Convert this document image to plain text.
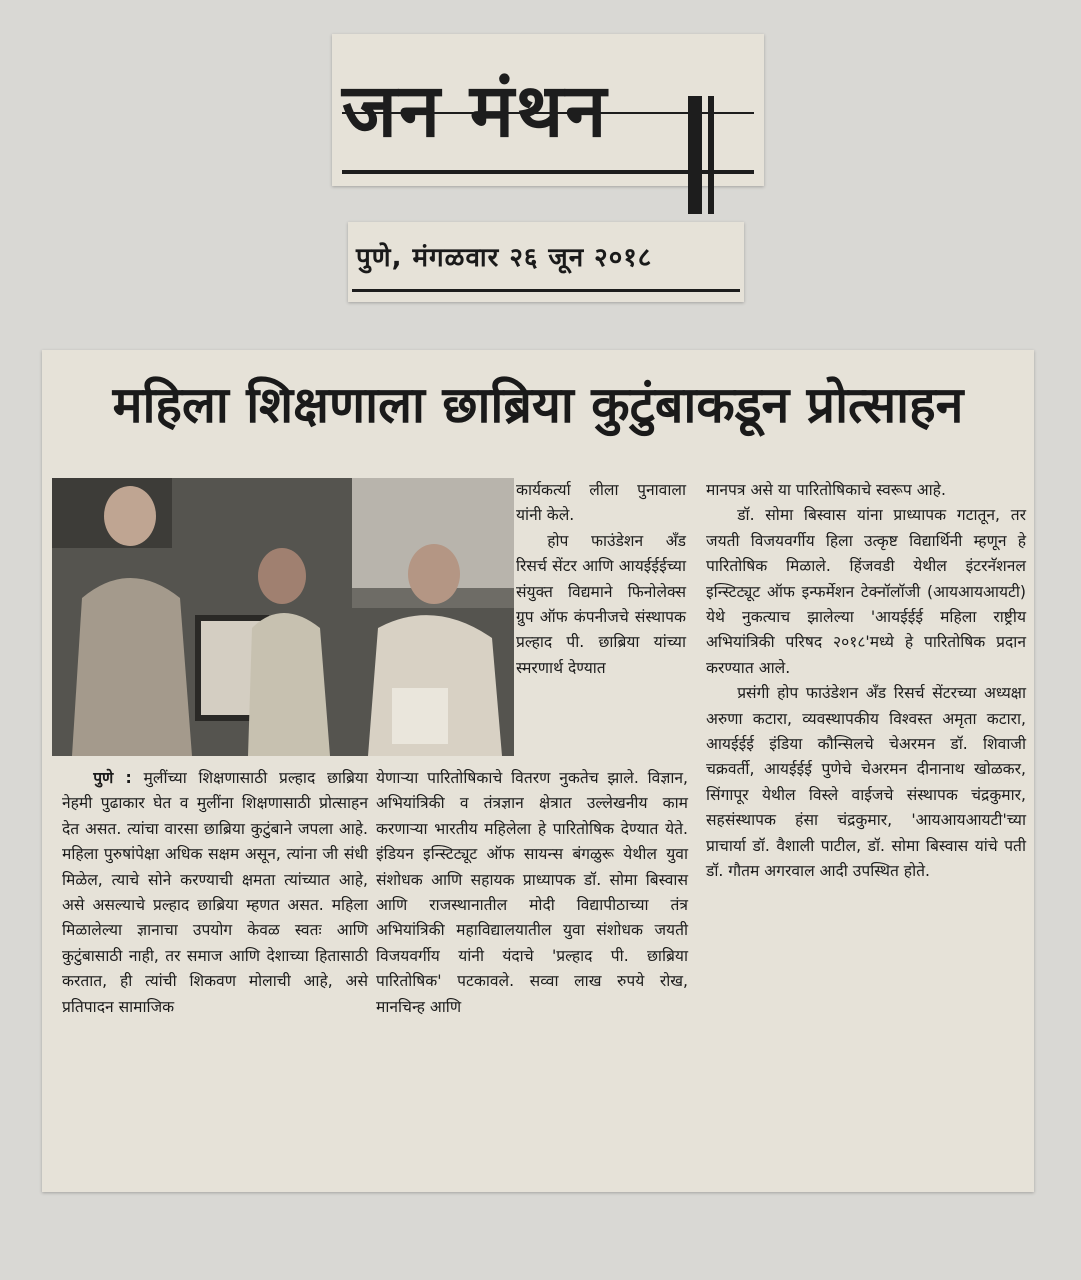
जन मंथन
पुणे, मंगळवार २६ जून २०१८
महिला शिक्षणाला छाब्रिया कुटुंबाकडून प्रोत्साहन

कार्यकर्त्या लीला पुनावाला यांनी केले.

होप फाउंडेशन अँड रिसर्च सेंटर आणि आयईईईच्या संयुक्त विद्यमाने फिनोलेक्स ग्रुप ऑफ कंपनीजचे संस्थापक प्रल्हाद पी. छाब्रिया यांच्या स्मरणार्थ देण्यात

पुणे : मुलींच्या शिक्षणासाठी प्रल्हाद छाब्रिया नेहमी पुढाकार घेत व मुलींना शिक्षणासाठी प्रोत्साहन देत असत. त्यांचा वारसा छाब्रिया कुटुंबाने जपला आहे. महिला पुरुषांपेक्षा अधिक सक्षम असून, त्यांना जी संधी मिळेल, त्याचे सोने करण्याची क्षमता त्यांच्यात आहे, असे असल्याचे प्रल्हाद छाब्रिया म्हणत असत. महिला मिळालेल्या ज्ञानाचा उपयोग केवळ स्वतः आणि कुटुंबासाठी नाही, तर समाज आणि देशाच्या हितासाठी करतात, ही त्यांची शिकवण मोलाची आहे, असे प्रतिपादन सामाजिक

येणाऱ्या पारितोषिकाचे वितरण नुकतेच झाले. विज्ञान, अभियांत्रिकी व तंत्रज्ञान क्षेत्रात उल्लेखनीय काम करणाऱ्या भारतीय महिलेला हे पारितोषिक देण्यात येते. इंडियन इन्स्टिट्यूट ऑफ सायन्स बंगळुरू येथील युवा संशोधक आणि सहायक प्राध्यापक डॉ. सोमा बिस्वास आणि राजस्थानातील मोदी विद्यापीठाच्या तंत्र अभियांत्रिकी महाविद्यालयातील युवा संशोधक जयती विजयवर्गीय यांनी यंदाचे 'प्रल्हाद पी. छाब्रिया पारितोषिक' पटकावले. सव्वा लाख रुपये रोख, मानचिन्ह आणि

मानपत्र असे या पारितोषिकाचे स्वरूप आहे.

डॉ. सोमा बिस्वास यांना प्राध्यापक गटातून, तर जयती विजयवर्गीय हिला उत्कृष्ट विद्यार्थिनी म्हणून हे पारितोषिक मिळाले. हिंजवडी येथील इंटरनॅशनल इन्स्टिट्यूट ऑफ इन्फर्मेशन टेक्नॉलॉजी (आयआयआयटी) येथे नुकत्याच झालेल्या 'आयईईई महिला राष्ट्रीय अभियांत्रिकी परिषद २०१८'मध्ये हे पारितोषिक प्रदान करण्यात आले.

प्रसंगी होप फाउंडेशन अँड रिसर्च सेंटरच्या अध्यक्षा अरुणा कटारा, व्यवस्थापकीय विश्वस्त अमृता कटारा, आयईईई इंडिया कौन्सिलचे चेअरमन डॉ. शिवाजी चक्रवर्ती, आयईईई पुणेचे चेअरमन दीनानाथ खोळकर, सिंगापूर येथील विस्ले वाईजचे संस्थापक चंद्रकुमार, सहसंस्थापक हंसा चंद्रकुमार, 'आयआयआयटी'च्या प्राचार्या डॉ. वैशाली पाटील, डॉ. सोमा बिस्वास यांचे पती डॉ. गौतम अगरवाल आदी उपस्थित होते.
